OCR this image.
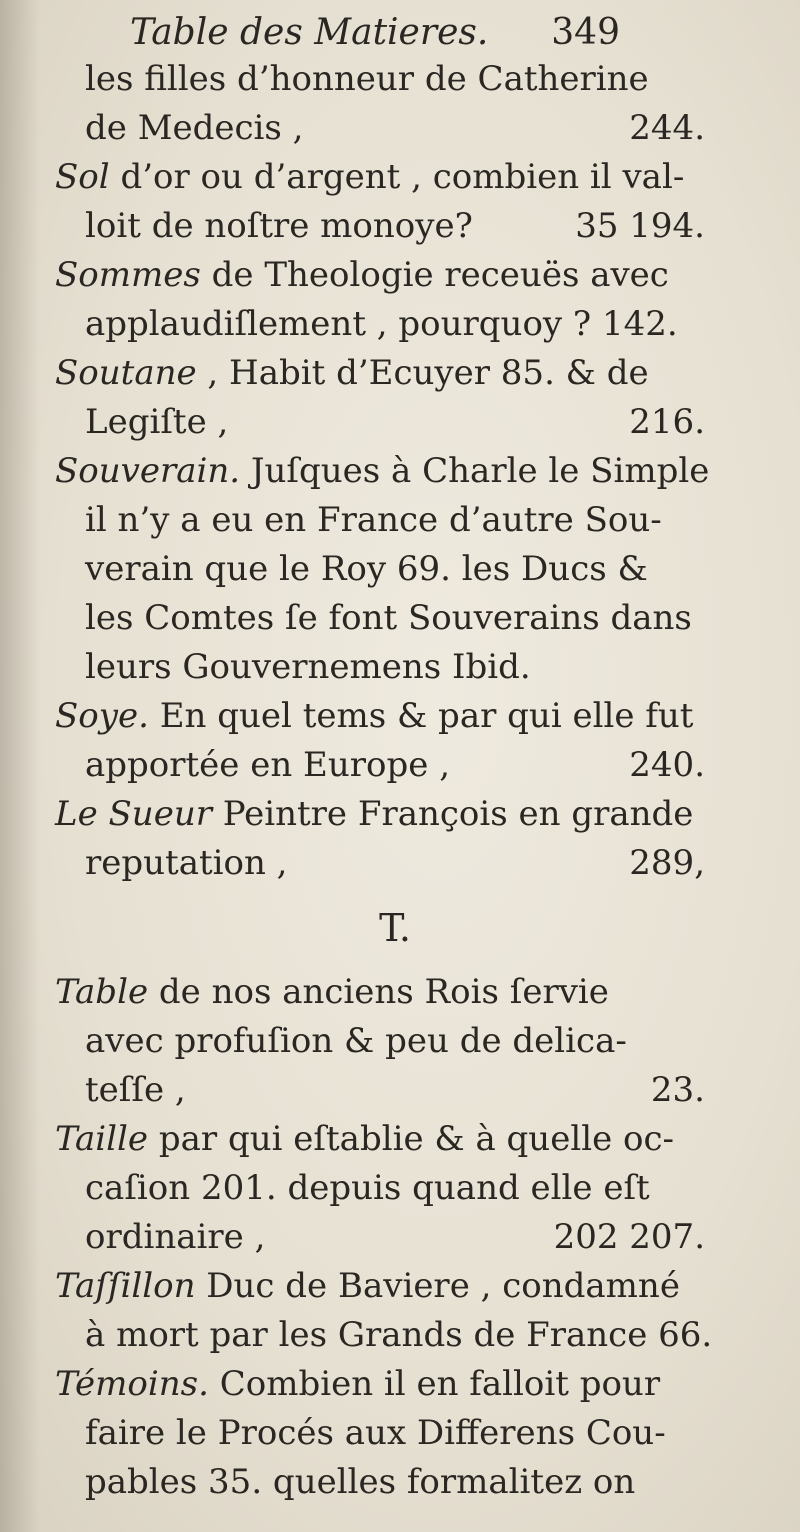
Table des Matieres. 349
les filles d’honneur de Catherine
de Medecis ,	244.
Sol d’or ou d’argent , combien il val-
loit de noſtre monoye?	35 194.
Sommes de Theologie receuës avec
applaudiſlement , pourquoy ? 142.
Soutane , Habit d’Ecuyer 85. & de
Legiſte ,	216.
Souverain. Juſques à Charle le Simple
il n’y a eu en France d’autre Sou-
verain que le Roy 69. les Ducs &
les Comtes ſe font Souverains dans
leurs Gouvernemens Ibid.
Soye. En quel tems & par qui elle fut
apportée en Europe ,	240.
Le Sueur Peintre François en grande
reputation ,	289,
T.
Table de nos anciens Rois ſervie
avec profuſion & peu de delica-
teſſe ,	23.
Taille par qui eſtablie & à quelle oc-
caſion 201. depuis quand elle eſt
ordinaire ,	202 207.
Taſſillon Duc de Baviere , condamné
à mort par les Grands de France 66.
Témoins. Combien il en falloit pour
faire le Procés aux Differens Cou-
pables 35. quelles formalitez on
